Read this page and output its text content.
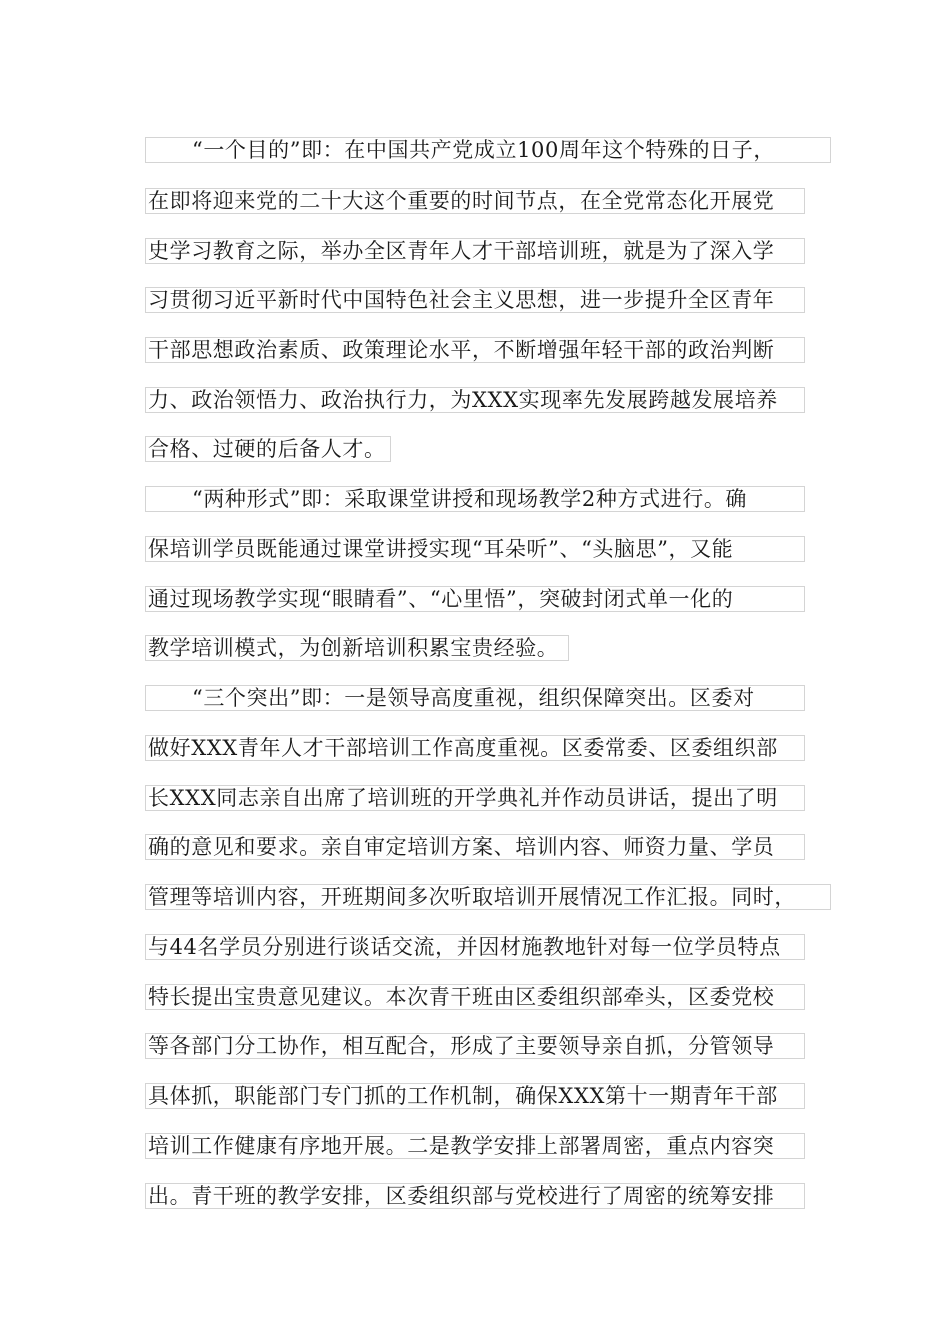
“一个目的”即：在中国共产党成立100周年这个特殊的日子，
在即将迎来党的二十大这个重要的时间节点，在全党常态化开展党
史学习教育之际，举办全区青年人才干部培训班，就是为了深入学
习贯彻习近平新时代中国特色社会主义思想，进一步提升全区青年
干部思想政治素质、政策理论水平，不断增强年轻干部的政治判断
力、政治领悟力、政治执行力，为XXX实现率先发展跨越发展培养
合格、过硬的后备人才。
“两种形式”即：采取课堂讲授和现场教学2种方式进行。确
保培训学员既能通过课堂讲授实现“耳朵听”、“头脑思”，又能
通过现场教学实现“眼睛看”、“心里悟”，突破封闭式单一化的
教学培训模式，为创新培训积累宝贵经验。
“三个突出”即：一是领导高度重视，组织保障突出。区委对
做好XXX青年人才干部培训工作高度重视。区委常委、区委组织部
长XXX同志亲自出席了培训班的开学典礼并作动员讲话，提出了明
确的意见和要求。亲自审定培训方案、培训内容、师资力量、学员
管理等培训内容，开班期间多次听取培训开展情况工作汇报。同时，
与44名学员分别进行谈话交流，并因材施教地针对每一位学员特点
特长提出宝贵意见建议。本次青干班由区委组织部牵头，区委党校
等各部门分工协作，相互配合，形成了主要领导亲自抓，分管领导
具体抓，职能部门专门抓的工作机制，确保XXX第十一期青年干部
培训工作健康有序地开展。二是教学安排上部署周密，重点内容突
出。青干班的教学安排，区委组织部与党校进行了周密的统筹安排
